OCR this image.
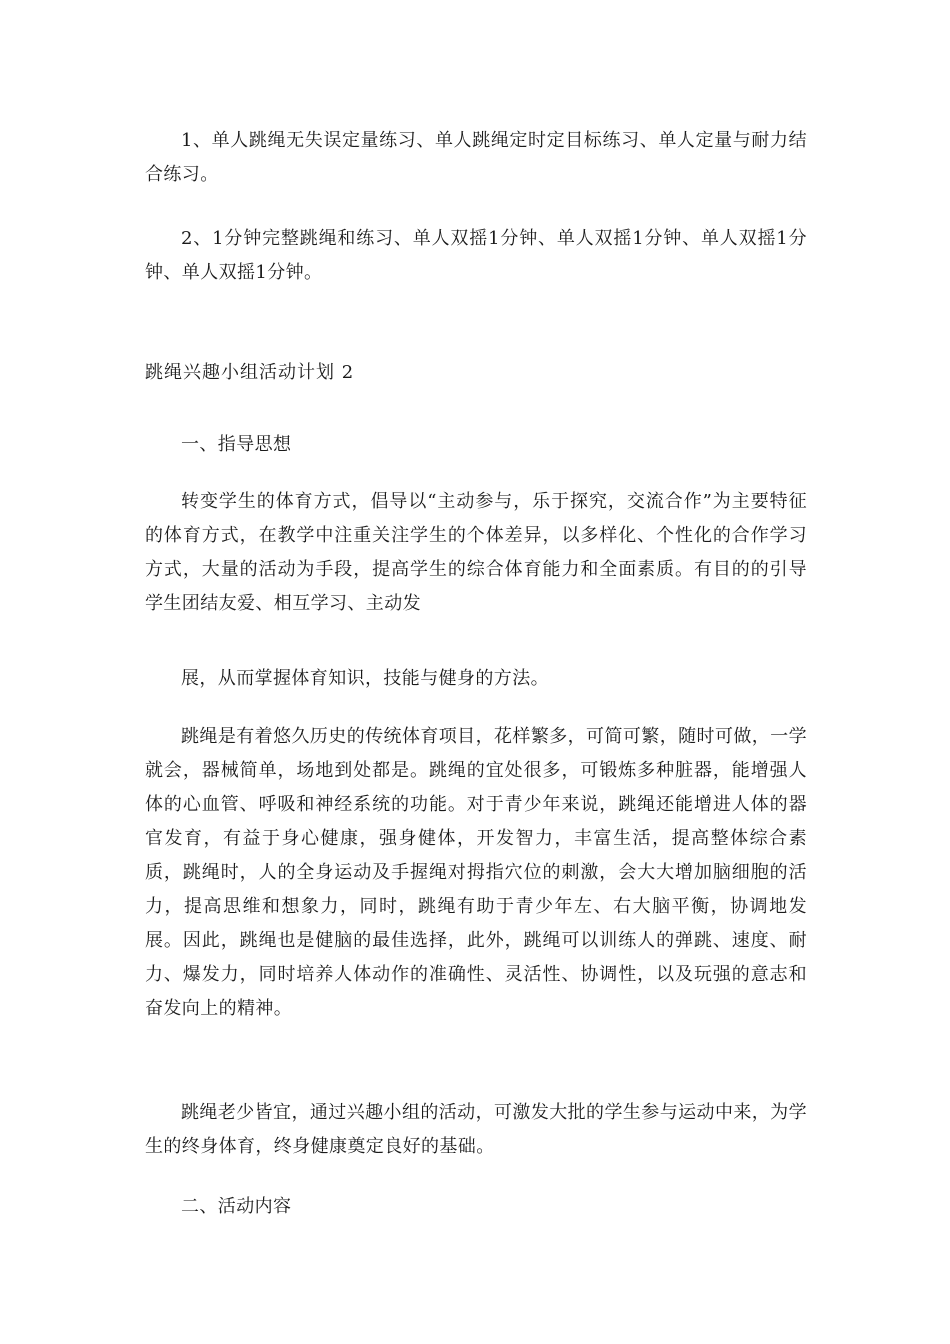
1、单人跳绳无失误定量练习、单人跳绳定时定目标练习、单人定量与耐力结合练习。

2、1分钟完整跳绳和练习、单人双摇1分钟、单人双摇1分钟、单人双摇1分钟、单人双摇1分钟。

跳绳兴趣小组活动计划 2

一、指导思想

转变学生的体育方式，倡导以“主动参与，乐于探究，交流合作”为主要特征的体育方式，在教学中注重关注学生的个体差异，以多样化、个性化的合作学习方式，大量的活动为手段，提高学生的综合体育能力和全面素质。有目的的引导学生团结友爱、相互学习、主动发

展，从而掌握体育知识，技能与健身的方法。

跳绳是有着悠久历史的传统体育项目，花样繁多，可简可繁，随时可做，一学就会，器械简单，场地到处都是。跳绳的宜处很多，可锻炼多种脏器，能增强人体的心血管、呼吸和神经系统的功能。对于青少年来说，跳绳还能增进人体的器官发育，有益于身心健康，强身健体，开发智力，丰富生活，提高整体综合素质，跳绳时，人的全身运动及手握绳对拇指穴位的刺激，会大大增加脑细胞的活力，提高思维和想象力，同时，跳绳有助于青少年左、右大脑平衡，协调地发展。因此，跳绳也是健脑的最佳选择，此外，跳绳可以训练人的弹跳、速度、耐力、爆发力，同时培养人体动作的准确性、灵活性、协调性，以及玩强的意志和奋发向上的精神。

跳绳老少皆宜，通过兴趣小组的活动，可激发大批的学生参与运动中来，为学生的终身体育，终身健康奠定良好的基础。

二、活动内容
